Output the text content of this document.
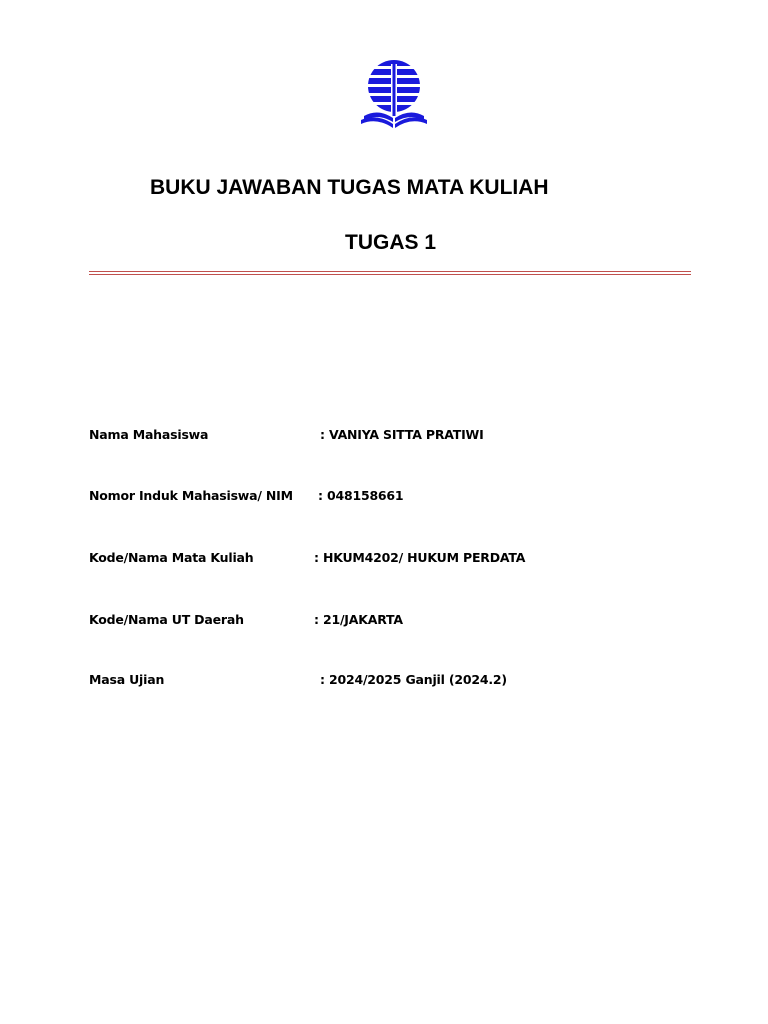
BUKU JAWABAN TUGAS MATA KULIAH
TUGAS 1
Nama Mahasiswa	: VANIYA SITTA PRATIWI
Nomor Induk Mahasiswa/ NIM : 048158661
Kode/Nama Mata Kuliah	: HKUM4202/ HUKUM PERDATA
Kode/Nama UT Daerah	: 21/JAKARTA
Masa Ujian	: 2024/2025 Ganjil (2024.2)
